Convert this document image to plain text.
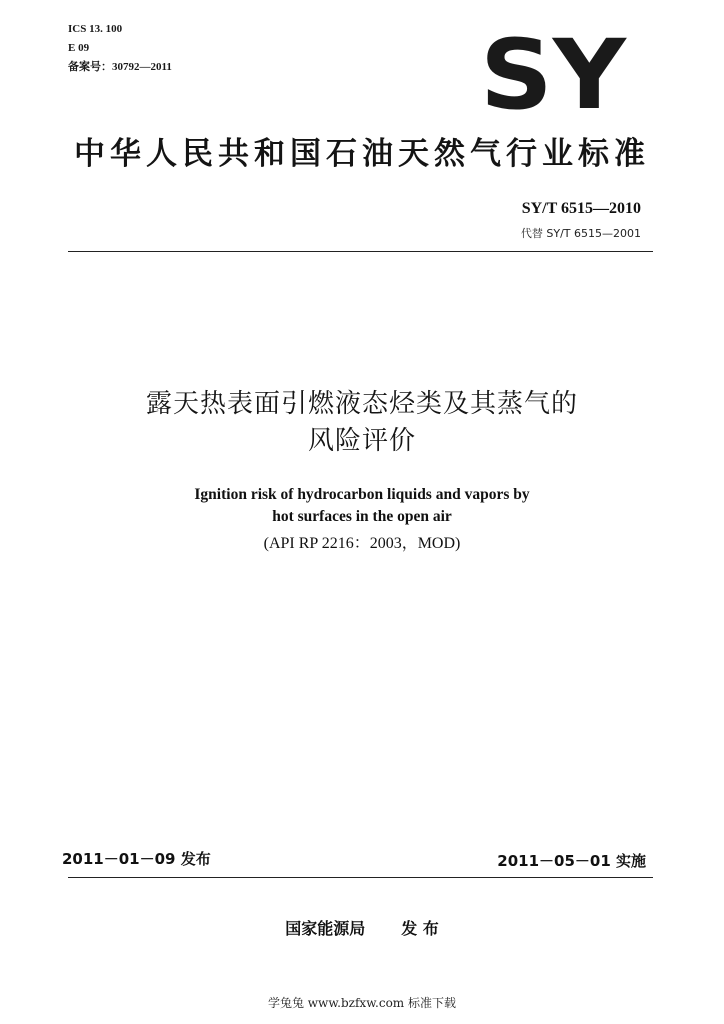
ICS 13. 100
E 09
备案号：30792—2011	SY
中华人民共和国石油天然气行业标准
SY/T 6515—2010
代替 SY/T 6515—2001
露天热表面引燃液态烃类及其蒸气的
风险评价
Ignition risk of hydrocarbon liquids and vapors by
hot surfaces in the open air
(API RP 2216：2003，MOD)
2011－01－09 发布	2011－05－01 实施
国家能源局 发 布
学兔兔 www.bzfxw.com 标准下载
